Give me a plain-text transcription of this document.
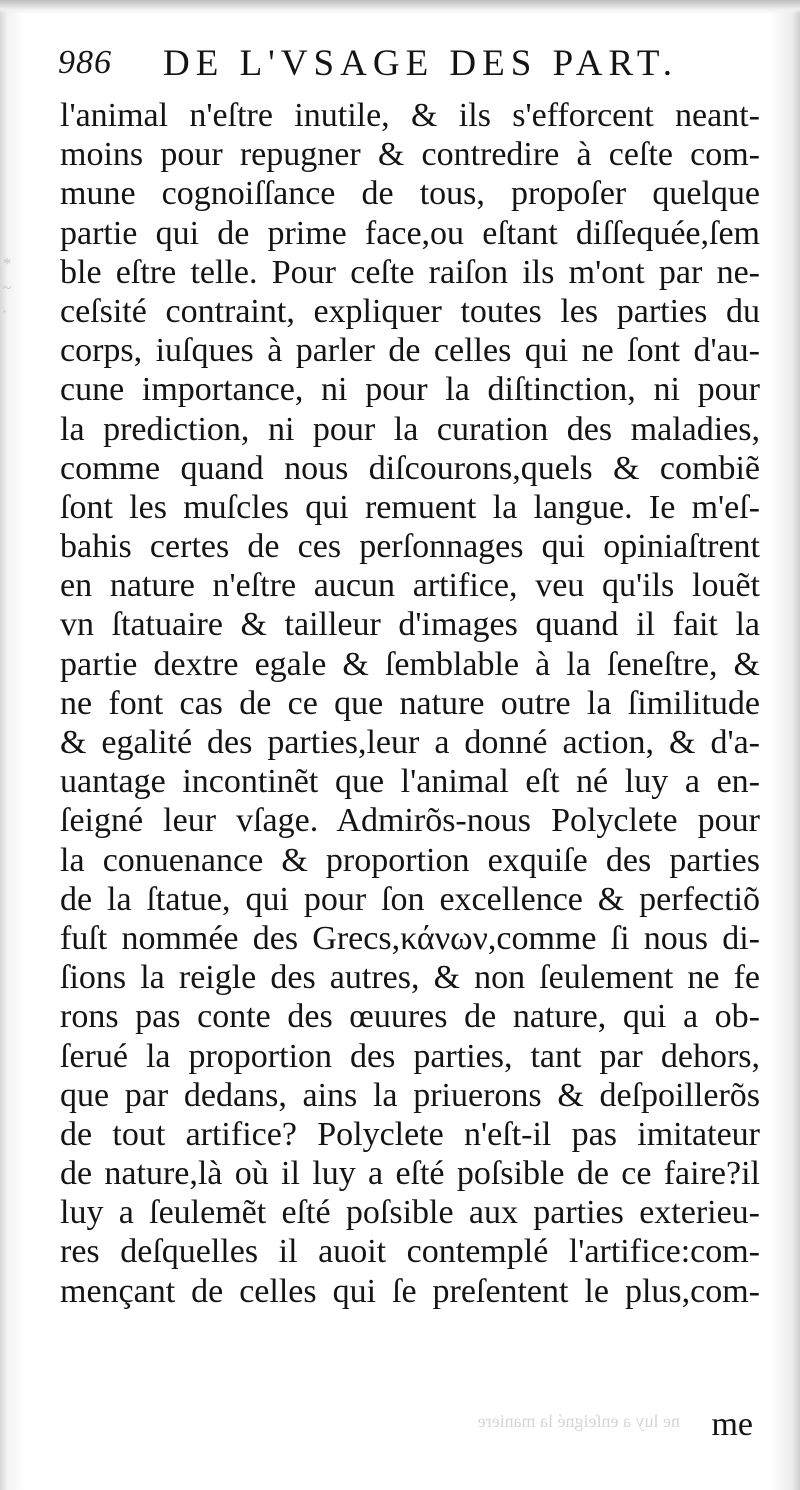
986 DE L'VSAGE DES PART.
*
~
·
l'animal n'eſtre inutile, & ils s'efforcent neant-
moins pour repugner & contredire à ceſte com-
mune cognoiſſance de tous, propoſer quelque
partie qui de prime face,ou eſtant diſſequée,ſem
ble eſtre telle. Pour ceſte raiſon ils m'ont par ne-
ceſsité contraint, expliquer toutes les parties du
corps, iuſques à parler de celles qui ne ſont d'au-
cune importance, ni pour la diſtinction, ni pour
la prediction, ni pour la curation des maladies,
comme quand nous diſcourons,quels & combiẽ
ſont les muſcles qui remuent la langue. Ie m'eſ-
bahis certes de ces perſonnages qui opiniaſtrent
en nature n'eſtre aucun artifice, veu qu'ils louẽt
vn ſtatuaire & tailleur d'images quand il fait la
partie dextre egale & ſemblable à la ſeneſtre, &
ne font cas de ce que nature outre la ſimilitude
& egalité des parties,leur a donné action, & d'a-
uantage incontinẽt que l'animal eſt né luy a en-
ſeigné leur vſage. Admirõs-nous Polyclete pour
la conuenance & proportion exquiſe des parties
de la ſtatue, qui pour ſon excellence & perfectiõ
fuſt nommée des Grecs,κάνων,comme ſi nous di-
ſions la reigle des autres, & non ſeulement ne fe
rons pas conte des œuures de nature, qui a ob-
ſerué la proportion des parties, tant par dehors,
que par dedans, ains la priuerons & deſpoillerõs
de tout artifice? Polyclete n'eſt-il pas imitateur
de nature,là où il luy a eſté poſsible de ce faire?il
luy a ſeulemẽt eſté poſsible aux parties exterieu-
res deſquelles il auoit contemplé l'artifice:com-
mençant de celles qui ſe preſentent le plus,com-
ne luy a enſeigné la maniere me
